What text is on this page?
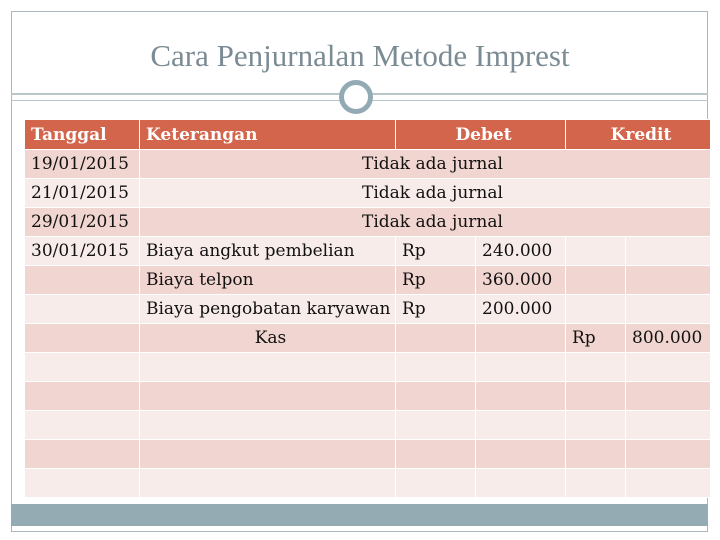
Cara Penjurnalan Metode Imprest
Tanggal	Keterangan	Debet		Kredit	
19/01/2015	Tidak ada jurnal				
21/01/2015	Tidak ada jurnal				
29/01/2015	Tidak ada jurnal				
30/01/2015	Biaya angkut pembelian	Rp	240.000		
	Biaya telpon	Rp	360.000		
	Biaya pengobatan karyawan	Rp	200.000		
	Kas			Rp	800.000
